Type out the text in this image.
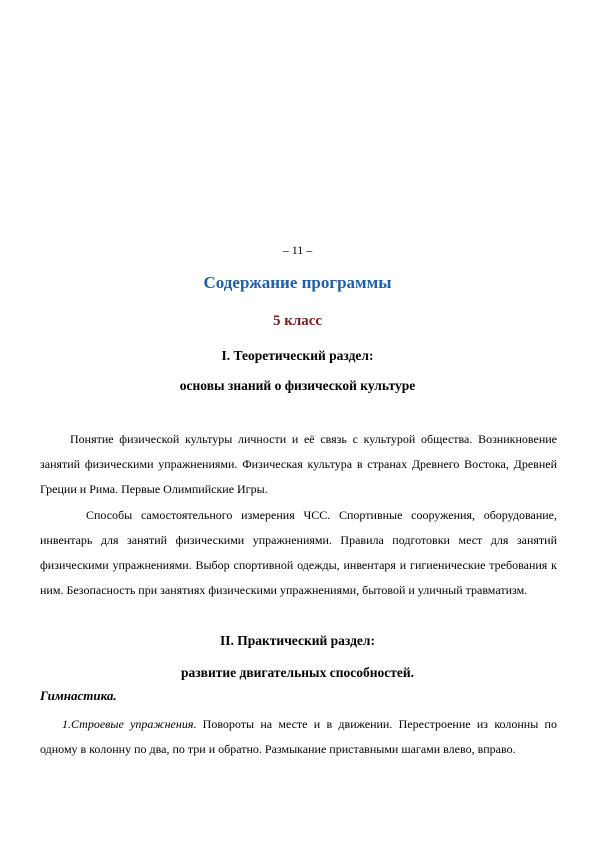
– 11 –
Содержание программы
5 класс
I. Теоретический раздел:
основы знаний о физической культуре
Понятие физической культуры личности и её связь с культурой общества. Возникновение занятий физическими упражнениями. Физическая культура в странах Древнего Востока, Древней Греции и Рима. Первые Олимпийские Игры.
Способы самостоятельного измерения ЧСС. Спортивные сооружения, оборудование, инвентарь для занятий физическими упражнениями. Правила подготовки мест для занятий физическими упражнениями. Выбор спортивной одежды, инвентаря и гигиенические требования к ним. Безопасность при занятиях физическими упражнениями, бытовой и уличный травматизм.
II. Практический раздел:
развитие двигательных способностей.
Гимнастика.
1.Строевые упражнения. Повороты на месте и в движении. Перестроение из колонны по одному в колонну по два, по три и обратно. Размыкание приставными шагами влево, вправо.
